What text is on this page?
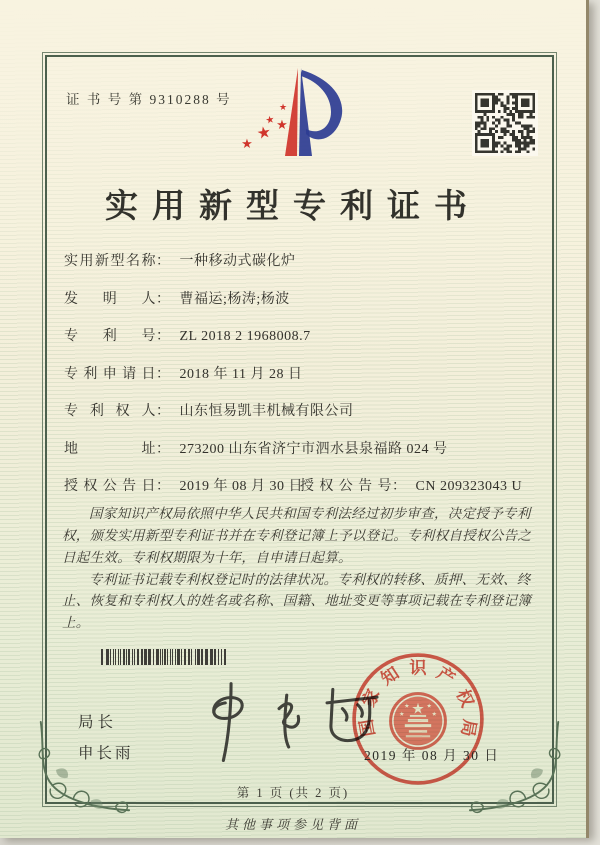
证 书 号 第 9310288 号
★
★ ★
★
★
实用新型专利证书
实用新型名称： 一种移动式碳化炉
发明人： 曹福运;杨涛;杨波
专利号： ZL 2018 2 1968008.7
专利申请日： 2018 年 11 月 28 日
专利权人： 山东恒易凯丰机械有限公司
地址： 273200 山东省济宁市泗水县泉福路 024 号
授权公告日： 2019 年 08 月 30 日
授权公告号： CN 209323043 U

国家知识产权局依照中华人民共和国专利法经过初步审查，决定授予专利权，颁发实用新型专利证书并在专利登记簿上予以登记。专利权自授权公告之日起生效。专利权期限为十年，自申请日起算。

专利证书记载专利权登记时的法律状况。专利权的转移、质押、无效、终止、恢复和专利权人的姓名或名称、国籍、地址变更等事项记载在专利登记簿上。

局长
申长雨
国
家
知 识 产
权
局
2019 年 08 月 30 日
第 1 页 (共 2 页)
其他事项参见背面
